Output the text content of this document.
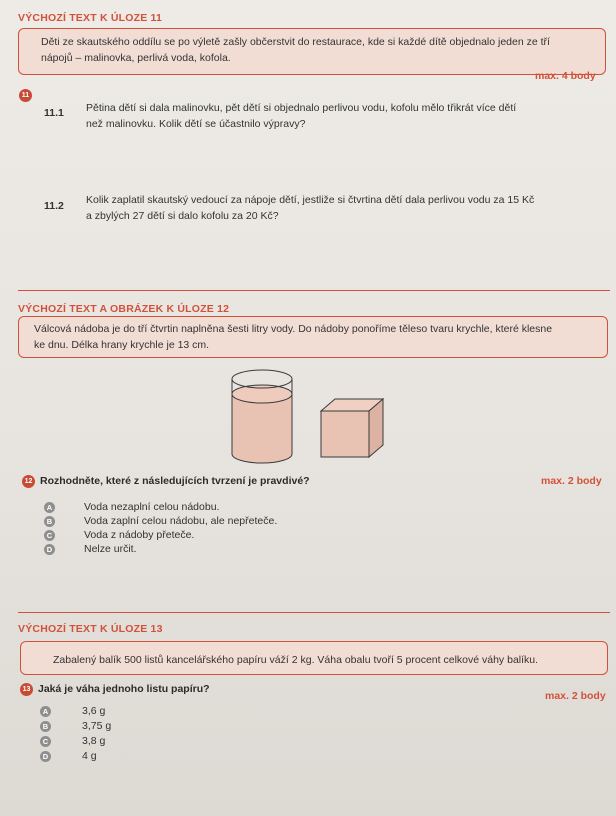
VÝCHOZÍ TEXT K ÚLOZE 11
Děti ze skautského oddílu se po výletě zašly občerstvit do restaurace, kde si každé dítě objednalo jeden ze tří
nápojů – malinovka, perlivá voda, kofola.
max. 4 body
11
11.1 Pětina dětí si dala malinovku, pět dětí si objednalo perlivou vodu, kofolu mělo třikrát více dětí
než malinovku. Kolik dětí se účastnilo výpravy?
11.2 Kolik zaplatil skautský vedoucí za nápoje dětí, jestliže si čtvrtina dětí dala perlivou vodu za 15 Kč
a zbylých 27 dětí si dalo kofolu za 20 Kč?
VÝCHOZÍ TEXT A OBRÁZEK K ÚLOZE 12
Válcová nádoba je do tří čtvrtin naplněna šesti litry vody. Do nádoby ponoříme těleso tvaru krychle, které klesne
ke dnu. Délka hrany krychle je 13 cm.
12 Rozhodněte, které z následujících tvrzení je pravdivé?	max. 2 body
A	Voda nezaplní celou nádobu.
B	Voda zaplní celou nádobu, ale nepřeteče.
C	Voda z nádoby přeteče.
D	Nelze určit.
VÝCHOZÍ TEXT K ÚLOZE 13
Zabalený balík 500 listů kancelářského papíru váží 2 kg. Váha obalu tvoří 5 procent celkové váhy balíku.
13 Jaká je váha jednoho listu papíru?
max. 2 body
A	3,6 g
B	3,75 g
C	3,8 g
D	4 g
